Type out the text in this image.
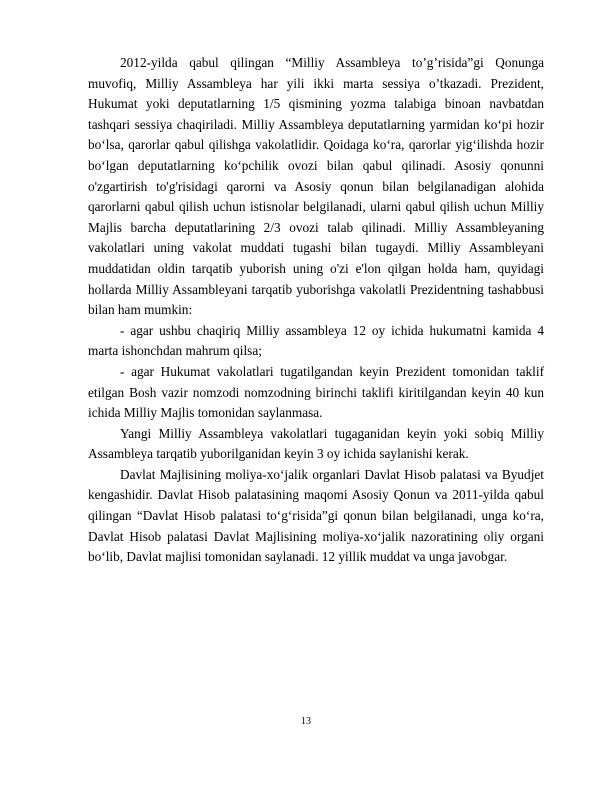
2012-yilda qabul qilingan “Milliy Assambleya to’g’risida”gi Qonunga muvofiq, Milliy Assambleya har yili ikki marta sessiya o’tkazadi. Prezident, Hukumat yoki deputatlarning 1/5 qismining yozma talabiga binoan navbatdan tashqari sessiya chaqiriladi. Milliy Assambleya deputatlarning yarmidan ko‘pi hozir bo‘lsa, qarorlar qabul qilishga vakolatlidir. Qoidaga ko‘ra, qarorlar yig‘ilishda hozir bo‘lgan deputatlarning ko‘pchilik ovozi bilan qabul qilinadi. Asosiy qonunni o'zgartirish to'g'risidagi qarorni va Asosiy qonun bilan belgilanadigan alohida qarorlarni qabul qilish uchun istisnolar belgilanadi, ularni qabul qilish uchun Milliy Majlis barcha deputatlarining 2/3 ovozi talab qilinadi. Milliy Assambleyaning vakolatlari uning vakolat muddati tugashi bilan tugaydi. Milliy Assambleyani muddatidan oldin tarqatib yuborish uning o'zi e'lon qilgan holda ham, quyidagi hollarda Milliy Assambleyani tarqatib yuborishga vakolatli Prezidentning tashabbusi bilan ham mumkin:

- agar ushbu chaqiriq Milliy assambleya 12 oy ichida hukumatni kamida 4 marta ishonchdan mahrum qilsa;

- agar Hukumat vakolatlari tugatilgandan keyin Prezident tomonidan taklif etilgan Bosh vazir nomzodi nomzodning birinchi taklifi kiritilgandan keyin 40 kun ichida Milliy Majlis tomonidan saylanmasa.

Yangi Milliy Assambleya vakolatlari tugaganidan keyin yoki sobiq Milliy Assambleya tarqatib yuborilganidan keyin 3 oy ichida saylanishi kerak.

Davlat Majlisining moliya-xo‘jalik organlari Davlat Hisob palatasi va Byudjet kengashidir. Davlat Hisob palatasining maqomi Asosiy Qonun va 2011-yilda qabul qilingan “Davlat Hisob palatasi to‘g‘risida”gi qonun bilan belgilanadi, unga ko‘ra, Davlat Hisob palatasi Davlat Majlisining moliya-xo‘jalik nazoratining oliy organi bo‘lib, Davlat majlisi tomonidan saylanadi. 12 yillik muddat va unga javobgar.

13
